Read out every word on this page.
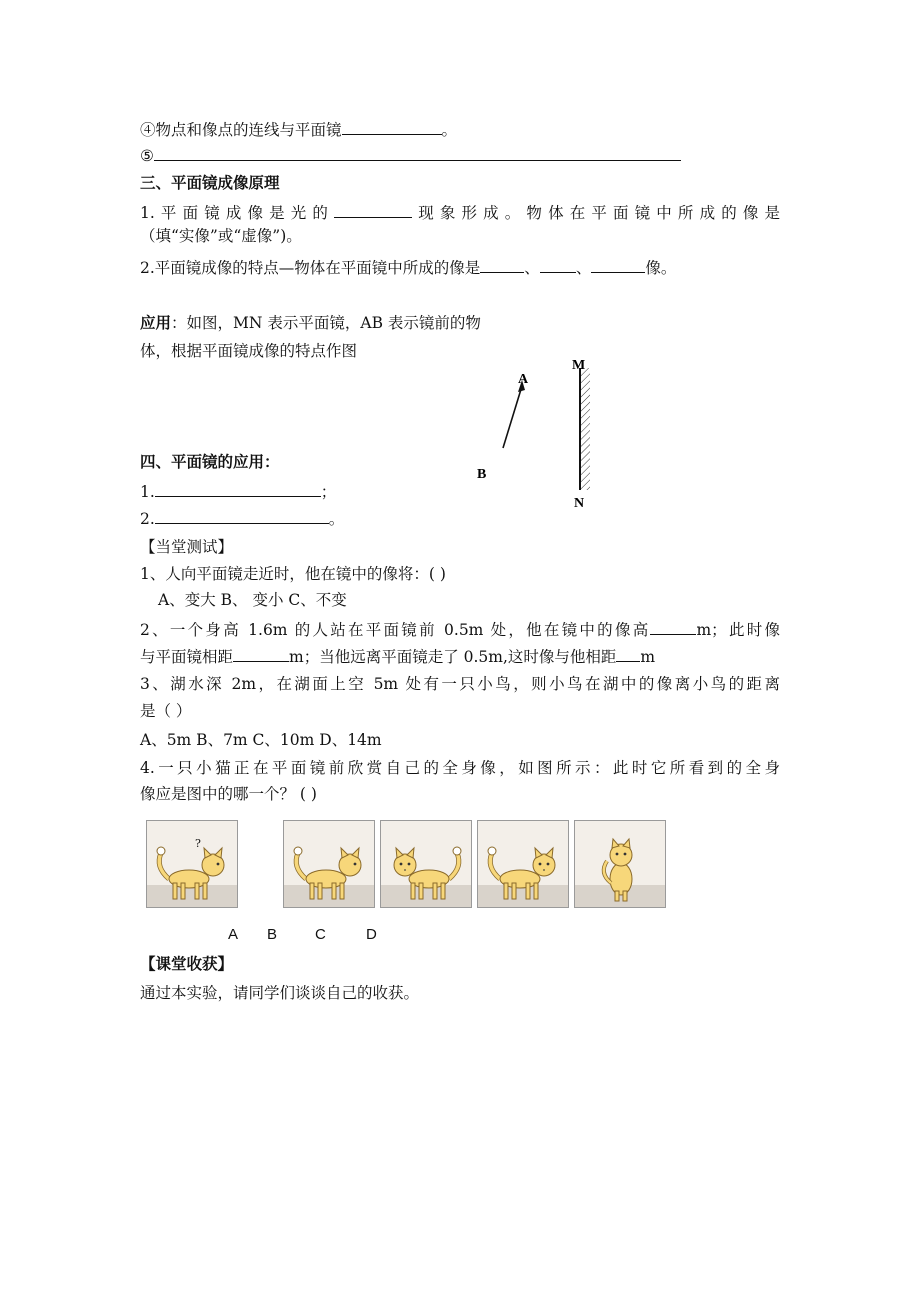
④物点和像点的连线与平面镜	。
⑤
三、平面镜成像原理
1.平面镜成像是光的	现象形成。物体在平面镜中所成的像是
（填“实像”或“虚像”)。
2.平面镜成像的特点—物体在平面镜中所成的像是	、 、	像。
应用：如图，MN 表示平面镜，AB 表示镜前的物
体，根据平面镜成像的特点作图
M
A
B
N
四、平面镜的应用：
1.	；
2.	。
【当堂测试】
1、人向平面镜走近时，他在镜中的像将：( )
A、变大 B、 变小 C、不变
2、一个身高 1.6m 的人站在平面镜前 0.5m 处，他在镜中的像高	m；此时像
与平面镜相距	m；当他远离平面镜走了 0.5m,这时像与他相距 m
3、湖水深 2m，在湖面上空 5m 处有一只小鸟，则小鸟在湖中的像离小鸟的距离
是（ ）
A、5m B、7m C、10m D、14m
4.一只小猫正在平面镜前欣赏自己的全身像，如图所示：此时它所看到的全身
像应是图中的哪一个？ ( )
?
A B	C	D
【课堂收获】
通过本实验，请同学们谈谈自己的收获。
